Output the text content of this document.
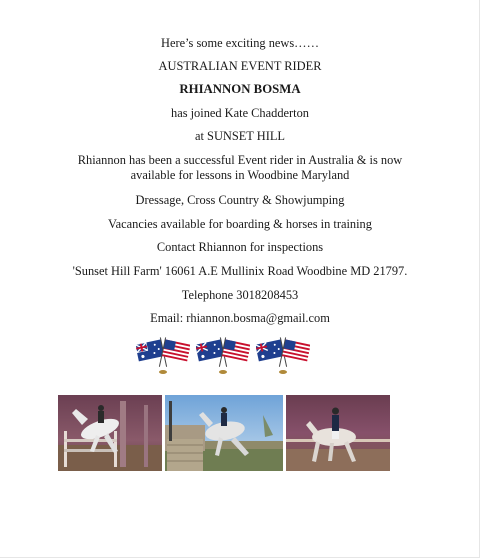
Here’s some exciting news……
AUSTRALIAN EVENT RIDER
RHIANNON BOSMA
has joined Kate Chadderton
at SUNSET HILL
Rhiannon has been a successful Event rider in Australia & is now
available for lessons in Woodbine Maryland
Dressage, Cross Country & Showjumping
Vacancies available for boarding & horses in training
Contact Rhiannon for inspections
'Sunset Hill Farm' 16061 A.E Mullinix Road Woodbine MD 21797.
Telephone 3018208453
Email: rhiannon.bosma@gmail.com
